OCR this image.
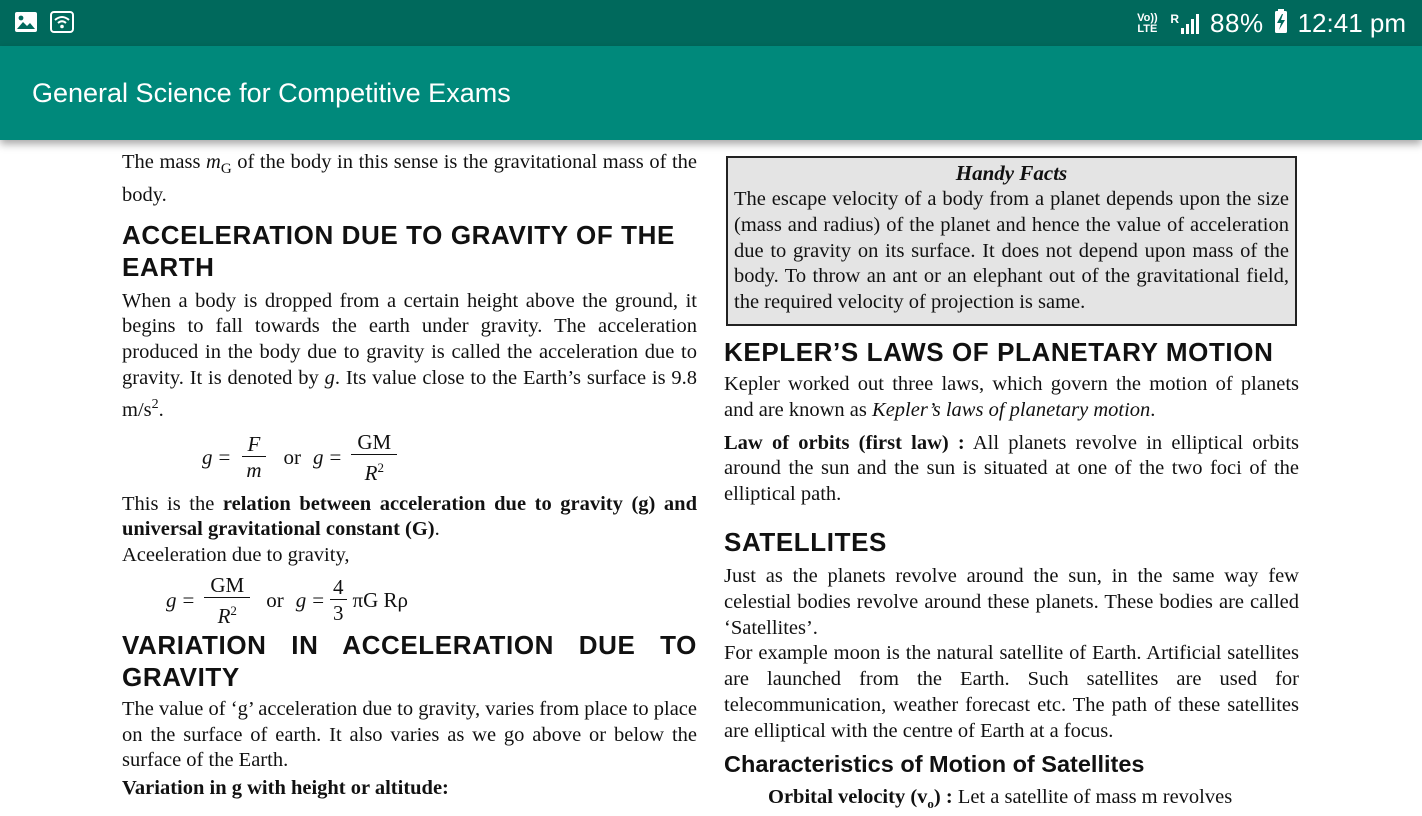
Vo))
LTE
R 88% 12:41 pm
General Science for Competitive Exams

The mass $m_G$ of the body in this sense is the gravitational mass of the body.

ACCELERATION DUE TO GRAVITY OF THE EARTH

When a body is dropped from a certain height above the ground, it begins to fall towards the earth under gravity. The acceleration produced in the body due to gravity is called the acceleration due to gravity. It is denoted by g. Its value close to the Earth’s surface is 9.8 $m/s^2$.

$g = \frac{F}{m}$ or $g = \frac{GM}{R^2}$

This is the relation between acceleration due to gravity (g) and universal gravitational constant (G).

Aceeleration due to gravity,

$g = \frac{GM}{R^2}$ or $g = \frac{4}{3}$ πG Rρ
VARIATION IN ACCELERATION DUE TO GRAVITY

The value of ‘g’ acceleration due to gravity, varies from place to place on the surface of earth. It also varies as we go above or below the surface of the Earth.

Variation in g with height or altitude:

Handy Facts

The escape velocity of a body from a planet depends upon the size (mass and radius) of the planet and hence the value of acceleration due to gravity on its surface. It does not depend upon mass of the body. To throw an ant or an elephant out of the gravitational field, the required velocity of projection is same.

KEPLER’S LAWS OF PLANETARY MOTION

Kepler worked out three laws, which govern the motion of planets and are known as Kepler’s laws of planetary motion.

Law of orbits (first law) : All planets revolve in elliptical orbits around the sun and the sun is situated at one of the two foci of the elliptical path.

SATELLITES

Just as the planets revolve around the sun, in the same way few celestial bodies revolve around these planets. These bodies are called ‘Satellites’.

For example moon is the natural satellite of Earth. Artificial satellites are launched from the Earth. Such satellites are used for telecommunication, weather forecast etc. The path of these satellites are elliptical with the centre of Earth at a focus.

Characteristics of Motion of Satellites

Orbital velocity $(v_o)$ : Let a satellite of mass m revolves
